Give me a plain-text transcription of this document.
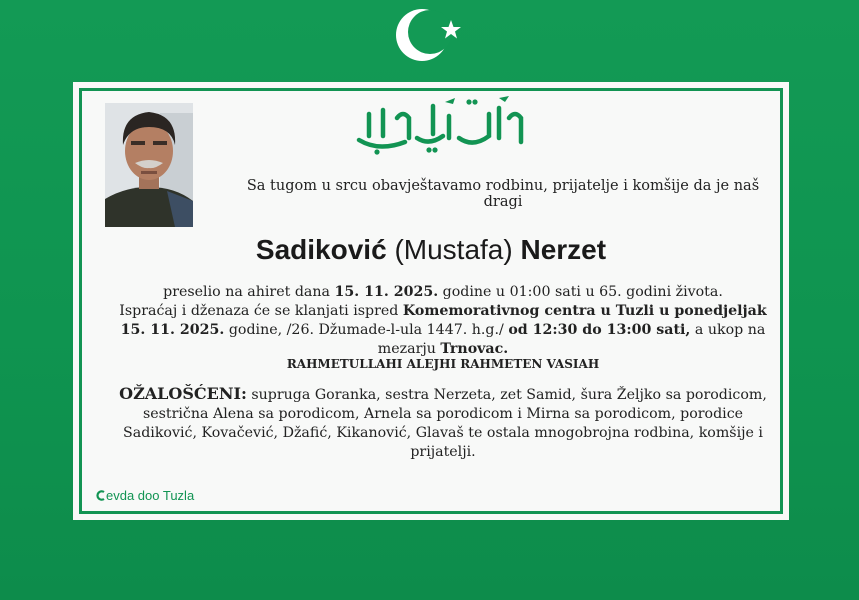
Sa tugom u srcu obavještavamo rodbinu, prijatelje i komšije da je naš dragi
Sadiković (Mustafa) Nerzet
preselio na ahiret dana 15. 11. 2025. godine u 01:00 sati u 65. godini života.
Ispraćaj i dženaza će se klanjati ispred Komemorativnog centra u Tuzli u ponedjeljak 15. 11. 2025. godine, /26. Džumade-l-ula 1447. h.g./ od 12:30 do 13:00 sati, a ukop na mezarju Trnovac.
RAHMETULLAHI ALEJHI RAHMETEN VASIAH
OŽALOŠĆENI: supruga Goranka, sestra Nerzeta, zet Samid, šura Željko sa porodicom, sestrična Alena sa porodicom, Arnela sa porodicom i Mirna sa porodicom, porodice Sadiković, Kovačević, Džafić, Kikanović, Glavaš te ostala mnogobrojna rodbina, komšije i prijatelji.
evda doo Tuzla
